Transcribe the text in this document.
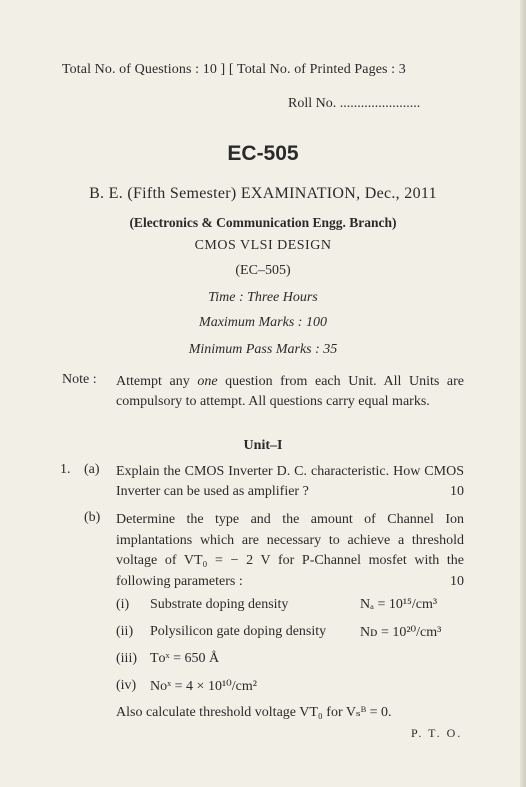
Total No. of Questions : 10 ] [ Total No. of Printed Pages : 3
Roll No. .......................
EC-505
B. E. (Fifth Semester) EXAMINATION, Dec., 2011
(Electronics & Communication Engg. Branch)
CMOS VLSI DESIGN
(EC–505)
Time : Three Hours
Maximum Marks : 100
Minimum Pass Marks : 35
Note : Attempt any one question from each Unit. All Units are compulsory to attempt. All questions carry equal marks.
Unit–I
1. (a) Explain the CMOS Inverter D. C. characteristic. How CMOS Inverter can be used as amplifier ?	10
(b) Determine the type and the amount of Channel Ion implantations which are necessary to achieve a threshold voltage of VT₀ = − 2 V for P-Channel mosfet with the following parameters :	10
(i) Substrate doping density	Nₐ = 10¹⁵/cm³
(ii) Polysilicon gate doping density Nᴅ = 10²⁰/cm³
(iii) Tᴏˣ = 650 Å
(iv) Nᴏˣ = 4 × 10¹⁰/cm²
Also calculate threshold voltage VT₀ for Vₛᴮ = 0.
P. T. O.
